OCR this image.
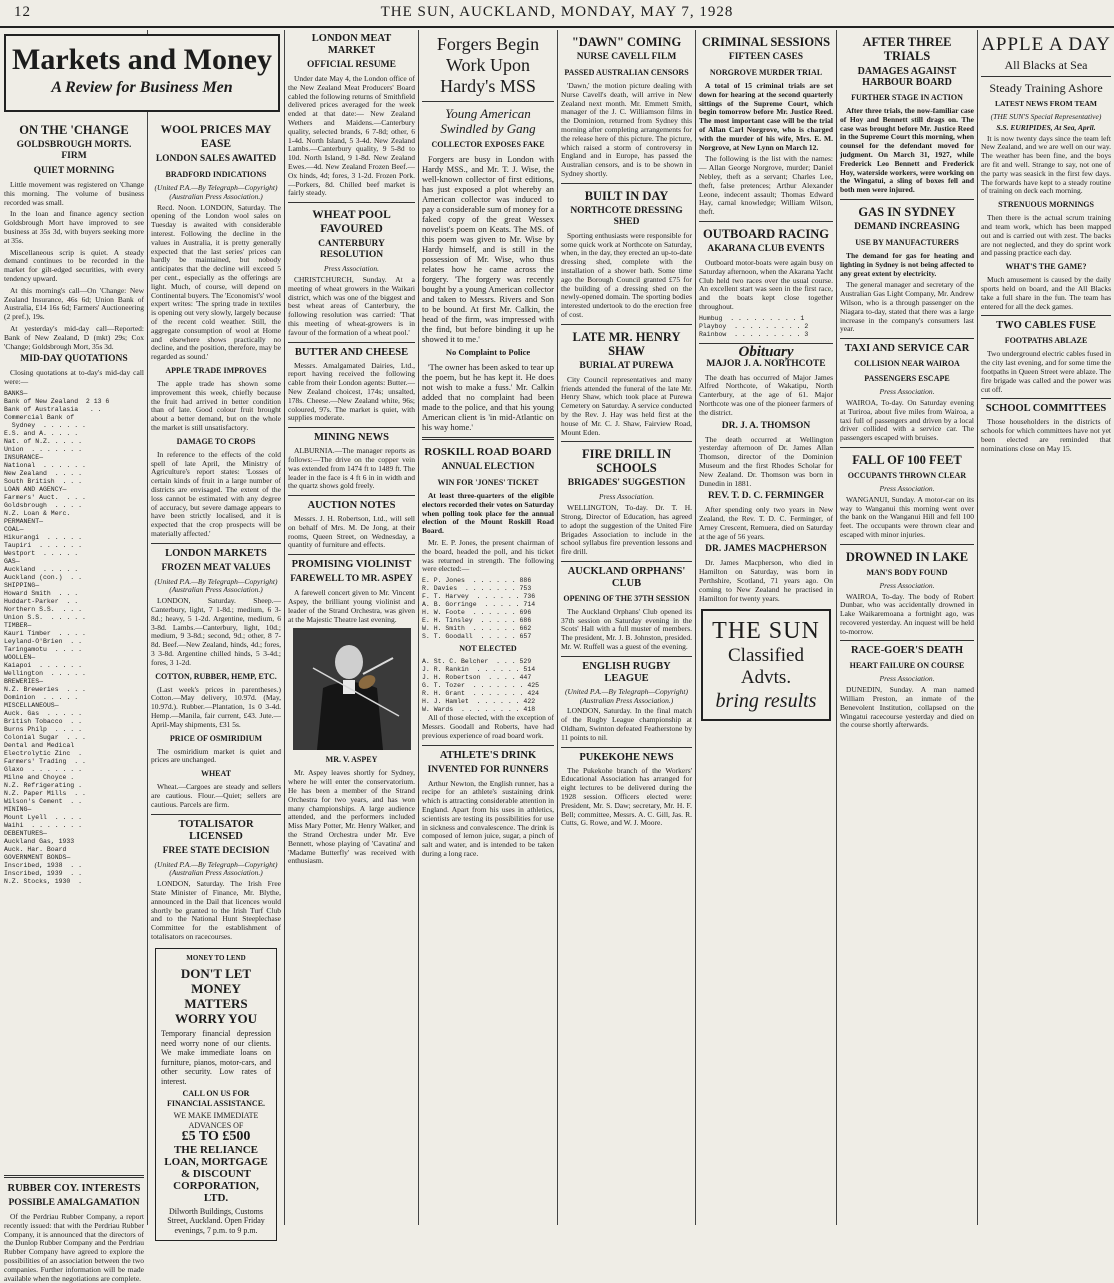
12	THE SUN, AUCKLAND, MONDAY, MAY 7, 1928
Markets and Money
A Review for Business Men
ON THE 'CHANGE
GOLDSBROUGH MORTS. FIRM
QUIET MORNING

Little movement was registered on 'Change this morning. The volume of business recorded was small.

In the loan and finance agency section Goldsbrough Mort have improved to see business at 35s 3d, with buyers seeking more at 35s.

Miscellaneous scrip is quiet. A steady demand continues to be recorded in the market for gilt-edged securities, with every tendency upward.

At this morning's call—On 'Change: New Zealand Insurance, 46s 6d; Union Bank of Australia, £14 16s 6d; Farmers' Auctioneering (2 pref.), 19s.

At yesterday's mid-day call—Reported: Bank of New Zealand, D (mkt) 29s; Cox 'Change; Goldsbrough Mort, 35s 3d.

MID-DAY QUOTATIONS

Closing quotations at to-day's mid-day call were:—

BANKS—
Bank of New Zealand  2 13 6
Bank of Australasia   . .
Commercial Bank of
Sydney  . . . . . .
E.S. and A. . . . .
Nat. of N.Z. . . . .
Union  . . . . . . .
INSURANCE—
National  . . . . . .
New Zealand  . . . .
South British  . . .
LOAN AND AGENCY—
Farmers' Auct.  . . .
Goldsbrough  . . . .
N.Z. Loan & Merc.
PERMANENT—
COAL—
Hikurangi  . . . . .
Taupiri  . . . . . .
Westport  . . . . .
GAS—
Auckland  . . . . .
Auckland (con.)  . .
SHIPPING—
Howard Smith  . . .
Huddart-Parker  . .
Northern S.S.  . . .
Union S.S.  . . . . .
TIMBER—
Kauri Timber  . . . .
Leyland-O'Brien  . .
Taringamotu  . . . .
WOOLLEN—
Kaiapoi  . . . . . .
Wellington  . . . . .
BREWERIES—
N.Z. Breweries  . . .
Dominion  . . . . .
MISCELLANEOUS—
Auck. Gas  . . . . .
British Tobacco  . .
Burns Philp  . . . .
Colonial Sugar  . . .
Dental and Medical
Electrolytic Zinc  .
Farmers' Trading  . .
Glaxo  . . . . . . .
Milne and Choyce .
N.Z. Refrigerating .
N.Z. Paper Mills  . .
Wilson's Cement  . .
MINING—
Mount Lyell  . . . .
Waihi  . . . . . . .
DEBENTURES—
Auckland Gas, 1933
Auck. Har. Board
GOVERNMENT BONDS—
Inscribed, 1938  . .
Inscribed, 1939  . .
N.Z. Stocks, 1930  .
RUBBER COY. INTERESTS
POSSIBLE AMALGAMATION

Of the Perdriau Rubber Company, a report recently issued: that with the Perdriau Rubber Company, it is announced that the directors of the Dunlop Rubber Company and the Perdriau Rubber Company have agreed to explore the possibilities of an association between the two companies. Further information will be made available when the negotiations are complete.

WOOL PRICES MAY EASE
LONDON SALES AWAITED
BRADFORD INDICATIONS
(United P.A.—By Telegraph—Copyright) (Australian Press Association.)

Recd. Noon. LONDON, Saturday. The opening of the London wool sales on Tuesday is awaited with considerable interest. Following the decline in the values in Australia, it is pretty generally expected that the last series' prices can hardly be maintained, but nobody anticipates that the decline will exceed 5 per cent., especially as the offerings are light. Much, of course, will depend on Continental buyers. The 'Economist's' wool expert writes: 'The spring trade in textiles is opening out very slowly, largely because of the recent cold weather. Still, the aggregate consumption of wool at Home and elsewhere shows practically no decline, and the position, therefore, may be regarded as sound.'

APPLE TRADE IMPROVES

The apple trade has shown some improvement this week, chiefly because the fruit had arrived in better condition than of late. Good colour fruit brought about a better demand, but on the whole the market is still unsatisfactory.

DAMAGE TO CROPS

In reference to the effects of the cold spell of late April, the Ministry of Agriculture's report states: 'Losses of certain kinds of fruit in a large number of districts are envisaged. The extent of the loss cannot be estimated with any degree of accuracy, but severe damage appears to have been strictly localised, and it is expected that the crop prospects will be materially affected.'

LONDON MARKETS
FROZEN MEAT VALUES
(United P.A.—By Telegraph—Copyright) (Australian Press Association.)

LONDON, Saturday. Sheep.—Canterbury, light, 7 1-8d.; medium, 6 3-8d.; heavy, 5 1-2d. Argentine, medium, 6 3-8d. Lambs.—Canterbury, light, 10d.; medium, 9 3-8d.; second, 9d.; other, 8 7-8d. Beef.—New Zealand, hinds, 4d.; fores, 3 3-8d. Argentine chilled hinds, 5 3-4d.; fores, 3 1-2d.

COTTON, RUBBER, HEMP, ETC.

(Last week's prices in parentheses.) Cotton.—May delivery, 10.97d. (May, 10.97d.). Rubber.—Plantation, 1s 0 3-4d. Hemp.—Manila, fair current, £43. Jute.—April-May shipments, £31 5s.

PRICE OF OSMIRIDIUM

The osmiridium market is quiet and prices are unchanged.

WHEAT

Wheat.—Cargoes are steady and sellers are cautious. Flour.—Quiet; sellers are cautious. Parcels are firm.

TOTALISATOR LICENSED
FREE STATE DECISION
(United P.A.—By Telegraph—Copyright) (Australian Press Association.)

LONDON, Saturday. The Irish Free State Minister of Finance, Mr. Blythe, announced in the Dail that licences would shortly be granted to the Irish Turf Club and to the National Hunt Steeplechase Committee for the establishment of totalisators on racecourses.

MONEY TO LEND
DON'T LET MONEY MATTERS WORRY YOU
Temporary financial depression need worry none of our clients. We make immediate loans on furniture, pianos, motor-cars, and other security. Low rates of interest.
CALL ON US FOR FINANCIAL ASSISTANCE.
WE MAKE IMMEDIATE ADVANCES OF
£5 TO £500
THE RELIANCE LOAN, MORTGAGE & DISCOUNT CORPORATION, LTD.
Dilworth Buildings, Customs Street, Auckland. Open Friday evenings, 7 p.m. to 9 p.m.
LONDON MEAT MARKET
OFFICIAL RESUME

Under date May 4, the London office of the New Zealand Meat Producers' Board cabled the following returns of Smithfield delivered prices averaged for the week ended at that date:— New Zealand Wethers and Maidens.—Canterbury quality, selected brands, 6 7-8d; other, 6 1-4d. North Island, 5 3-4d. New Zealand Lambs.—Canterbury quality, 9 5-8d to 10d. North Island, 9 1-8d. New Zealand Ewes.—4d. New Zealand Frozen Beef.—Ox hinds, 4d; fores, 3 1-2d. Frozen Pork.—Porkers, 8d. Chilled beef market is fairly steady.

WHEAT POOL FAVOURED
CANTERBURY RESOLUTION
Press Association.

CHRISTCHURCH, Sunday. At a meeting of wheat growers in the Waikari district, which was one of the biggest and best wheat areas of Canterbury, the following resolution was carried: 'That this meeting of wheat-growers is in favour of the formation of a wheat pool.'

BUTTER AND CHEESE

Messrs. Amalgamated Dairies, Ltd., report having received the following cable from their London agents: Butter.—New Zealand choicest, 174s; unsalted, 178s. Cheese.—New Zealand white, 96s; coloured, 97s. The market is quiet, with supplies moderate.

MINING NEWS

ALBURNIA.—The manager reports as follows:—The drive on the copper vein was extended from 1474 ft to 1489 ft. The leader in the face is 4 ft 6 in in width and the quartz shows gold freely.

AUCTION NOTES

Messrs. J. H. Robertson, Ltd., will sell on behalf of Mrs. M. De Jong, at their rooms, Queen Street, on Wednesday, a quantity of furniture and effects.

PROMISING VIOLINIST
FAREWELL TO MR. ASPEY

A farewell concert given to Mr. Vincent Aspey, the brilliant young violinist and leader of the Strand Orchestra, was given at the Majestic Theatre last evening.

MR. V. ASPEY

Mr. Aspey leaves shortly for Sydney, where he will enter the conservatorium. He has been a member of the Strand Orchestra for two years, and has won many championships. A large audience attended, and the performers included Miss Mary Potter, Mr. Henry Walker, and the Strand Orchestra under Mr. Eve Bennett, whose playing of 'Cavatina' and 'Madame Butterfly' was received with enthusiasm.

Forgers Begin Work Upon Hardy's MSS
Young American Swindled by Gang
COLLECTOR EXPOSES FAKE

Forgers are busy in London with Hardy MSS., and Mr. T. J. Wise, the well-known collector of first editions, has just exposed a plot whereby an American collector was induced to pay a considerable sum of money for a faked copy of the great Wessex novelist's poem on Keats. The MS. of this poem was given to Mr. Wise by Hardy himself, and is still in the possession of Mr. Wise, who thus relates how he came across the forgery. 'The forgery was recently bought by a young American collector and taken to Messrs. Rivers and Son to be bound. At first Mr. Calkin, the head of the firm, was impressed with the find, but before binding it up he showed it to me.'

No Complaint to Police

'The owner has been asked to tear up the poem, but he has kept it. He does not wish to make a fuss.' Mr. Calkin added that no complaint had been made to the police, and that his young American client is 'in mid-Atlantic on his way home.'

ROSKILL ROAD BOARD
ANNUAL ELECTION
WIN FOR 'JONES' TICKET

At least three-quarters of the eligible electors recorded their votes on Saturday when polling took place for the annual election of the Mount Roskill Road Board.

Mr. E. P. Jones, the present chairman of the board, headed the poll, and his ticket was returned in strength. The following were elected:—

E. P. Jones  . . . . . . 886
R. Davies  . . . . . . . 753
F. T. Harvey  . . . . . . 736
A. B. Gorringe  . . . . . 714
H. W. Foote  . . . . . . 696
E. H. Tinsley  . . . . . 686
W. H. Smith  . . . . . . 662
S. T. Goodall  . . . . . 657
NOT ELECTED
A. St. C. Belcher  . . . 529
J. R. Rankin  . . . . . . 514
J. H. Robertson  . . . . 447
G. T. Tozer  . . . . . . . 425
R. H. Grant  . . . . . . . 424
H. J. Hamlet  . . . . . . 422
W. Wards  . . . . . . . . 418

All of those elected, with the exception of Messrs. Goodall and Roberts, have had previous experience of road board work.

ATHLETE'S DRINK
INVENTED FOR RUNNERS

Arthur Newton, the English runner, has a recipe for an athlete's sustaining drink which is attracting considerable attention in England. Apart from his uses in athletics, scientists are testing its possibilities for use in sickness and convalescence. The drink is composed of lemon juice, sugar, a pinch of salt and water, and is intended to be taken during a long race.

"DAWN" COMING
NURSE CAVELL FILM
PASSED AUSTRALIAN CENSORS

'Dawn,' the motion picture dealing with Nurse Cavell's death, will arrive in New Zealand next month. Mr. Emmett Smith, manager of the J. C. Williamson films in the Dominion, returned from Sydney this morning after completing arrangements for the release here of this picture. The picture, which raised a storm of controversy in England and in Europe, has passed the Australian censors, and is to be shown in Sydney shortly.

BUILT IN DAY
NORTHCOTE DRESSING SHED

Sporting enthusiasts were responsible for some quick work at Northcote on Saturday, when, in the day, they erected an up-to-date dressing shed, complete with the installation of a shower bath. Some time ago the Borough Council granted £75 for the building of a dressing shed on the newly-opened domain. The sporting bodies interested undertook to do the erection free of cost.

LATE MR. HENRY SHAW
BURIAL AT PUREWA

City Council representatives and many friends attended the funeral of the late Mr. Henry Shaw, which took place at Purewa Cemetery on Saturday. A service conducted by the Rev. J. Hay was held first at the house of Mr. C. J. Shaw, Fairview Road, Mount Eden.

FIRE DRILL IN SCHOOLS
BRIGADES' SUGGESTION
Press Association.

WELLINGTON, To-day. Dr. T. H. Strong, Director of Education, has agreed to adopt the suggestion of the United Fire Brigades Association to include in the school syllabus fire prevention lessons and fire drill.

AUCKLAND ORPHANS' CLUB
OPENING OF THE 37TH SESSION

The Auckland Orphans' Club opened its 37th session on Saturday evening in the Scots' Hall with a full muster of members. The president, Mr. J. B. Johnston, presided. Mr. W. Ruffell was a guest of the evening.

ENGLISH RUGBY LEAGUE
(United P.A.—By Telegraph—Copyright) (Australian Press Association.)

LONDON, Saturday. In the final match of the Rugby League championship at Oldham, Swinton defeated Featherstone by 11 points to nil.

PUKEKOHE NEWS

The Pukekohe branch of the Workers' Educational Association has arranged for eight lectures to be delivered during the 1928 session. Officers elected were: President, Mr. S. Daw; secretary, Mr. H. F. Bell; committee, Messrs. A. C. Gill, Jas. R. Cutts, G. Rowe, and W. J. Moore.

CRIMINAL SESSIONS
FIFTEEN CASES
NORGROVE MURDER TRIAL

A total of 15 criminal trials are set down for hearing at the second quarterly sittings of the Supreme Court, which begin tomorrow before Mr. Justice Reed. The most important case will be the trial of Allan Carl Norgrove, who is charged with the murder of his wife, Mrs. E. M. Norgrove, at New Lynn on March 12.

The following is the list with the names:— Allan George Norgrove, murder; Daniel Nebley, theft as a servant; Charles Lee, theft, false pretences; Arthur Alexander Leone, indecent assault; Thomas Edward Hay, carnal knowledge; William Wilson, theft.

OUTBOARD RACING
AKARANA CLUB EVENTS

Outboard motor-boats were again busy on Saturday afternoon, when the Akarana Yacht Club held two races over the usual course. An excellent start was seen in the first race, and the boats kept close together throughout.

Humbug  . . . . . . . . . 1
Playboy  . . . . . . . . . 2
Rainbow  . . . . . . . . . 3
Obituary
MAJOR J. A. NORTHCOTE

The death has occurred of Major James Alfred Northcote, of Wakatipu, North Canterbury, at the age of 61. Major Northcote was one of the pioneer farmers of the district.

DR. J. A. THOMSON

The death occurred at Wellington yesterday afternoon of Dr. James Allan Thomson, director of the Dominion Museum and the first Rhodes Scholar for New Zealand. Dr. Thomson was born in Dunedin in 1881.

REV. T. D. C. FERMINGER

After spending only two years in New Zealand, the Rev. T. D. C. Ferminger, of Arney Crescent, Remuera, died on Saturday at the age of 56 years.

DR. JAMES MACPHERSON

Dr. James Macpherson, who died in Hamilton on Saturday, was born in Perthshire, Scotland, 71 years ago. On coming to New Zealand he practised in Hamilton for twenty years.

THE SUN
Classified Advts.
bring results
AFTER THREE TRIALS
DAMAGES AGAINST HARBOUR BOARD
FURTHER STAGE IN ACTION

After three trials, the now-familiar case of Hoy and Bennett still drags on. The case was brought before Mr. Justice Reed in the Supreme Court this morning, when counsel for the defendant moved for judgment. On March 31, 1927, while Frederick Leo Bennett and Frederick Hoy, waterside workers, were working on the Wingatui, a sling of boxes fell and both men were injured.

GAS IN SYDNEY
DEMAND INCREASING
USE BY MANUFACTURERS

The demand for gas for heating and lighting in Sydney is not being affected to any great extent by electricity.

The general manager and secretary of the Australian Gas Light Company, Mr. Andrew Wilson, who is a through passenger on the Niagara to-day, stated that there was a large increase in the company's consumers last year.

TAXI AND SERVICE CAR
COLLISION NEAR WAIROA
PASSENGERS ESCAPE
Press Association.

WAIROA, To-day. On Saturday evening at Turiroa, about five miles from Wairoa, a taxi full of passengers and driven by a local driver collided with a service car. The passengers escaped with bruises.

FALL OF 100 FEET
OCCUPANTS THROWN CLEAR
Press Association.

WANGANUI, Sunday. A motor-car on its way to Wanganui this morning went over the bank on the Wanganui Hill and fell 100 feet. The occupants were thrown clear and escaped with minor injuries.

DROWNED IN LAKE
MAN'S BODY FOUND
Press Association.

WAIROA, To-day. The body of Robert Dunbar, who was accidentally drowned in Lake Waikaremoana a fortnight ago, was recovered yesterday. An inquest will be held to-morrow.

RACE-GOER'S DEATH
HEART FAILURE ON COURSE
Press Association.

DUNEDIN, Sunday. A man named William Preston, an inmate of the Benevolent Institution, collapsed on the Wingatui racecourse yesterday and died on the course shortly afterwards.

APPLE A DAY
All Blacks at Sea
Steady Training Ashore
LATEST NEWS FROM TEAM
(THE SUN'S Special Representative)
S.S. EURIPIDES, At Sea, April.

It is now twenty days since the team left New Zealand, and we are well on our way. The weather has been fine, and the boys are fit and well. Strange to say, not one of the party was seasick in the first few days. The forwards have kept to a steady routine of training on deck each morning.

STRENUOUS MORNINGS

Then there is the actual scrum training and team work, which has been mapped out and is carried out with zest. The backs are not neglected, and they do sprint work and passing practice each day.

WHAT'S THE GAME?

Much amusement is caused by the daily sports held on board, and the All Blacks take a full share in the fun. The team has entered for all the deck games.

TWO CABLES FUSE
FOOTPATHS ABLAZE

Two underground electric cables fused in the city last evening, and for some time the footpaths in Queen Street were ablaze. The fire brigade was called and the power was cut off.

SCHOOL COMMITTEES

Those householders in the districts of schools for which committees have not yet been elected are reminded that nominations close on May 15.
